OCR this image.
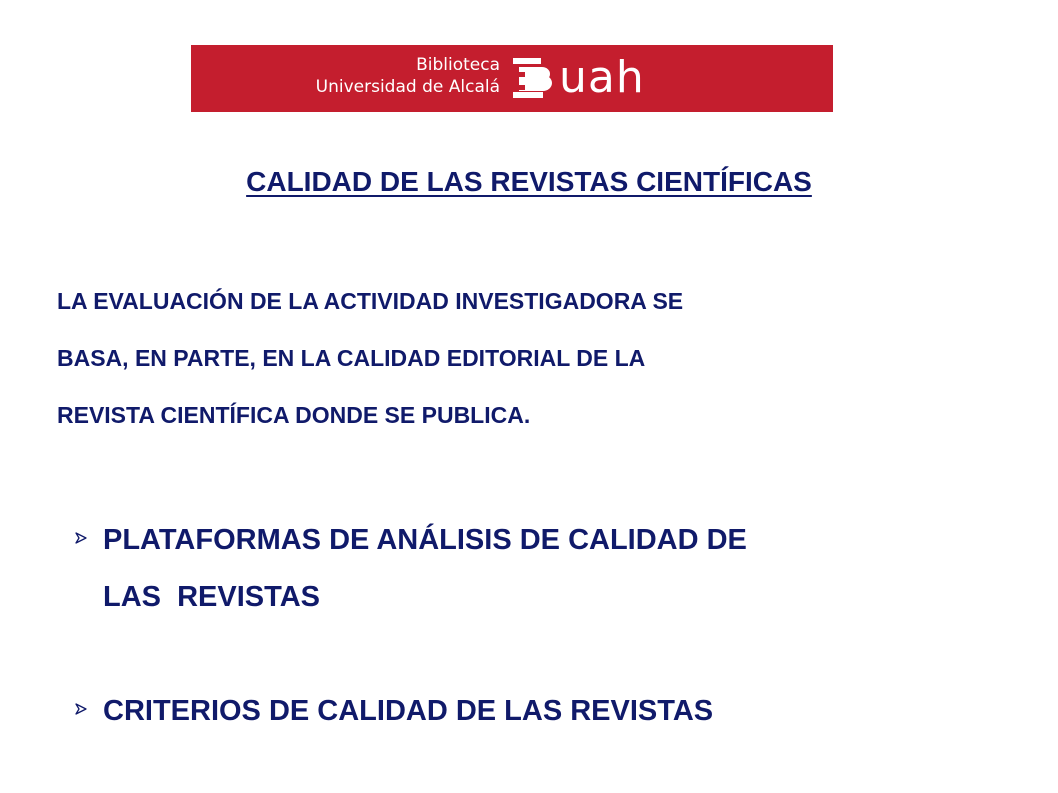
Biblioteca
Universidad de Alcalá uah
CALIDAD DE LAS REVISTAS CIENTÍFICAS

LA EVALUACIÓN DE LA ACTIVIDAD INVESTIGADORA SE
BASA, EN PARTE, EN LA CALIDAD EDITORIAL DE LA
REVISTA CIENTÍFICA DONDE SE PUBLICA.

PLATAFORMAS DE ANÁLISIS DE CALIDAD DE
LAS  REVISTAS
CRITERIOS DE CALIDAD DE LAS REVISTAS
